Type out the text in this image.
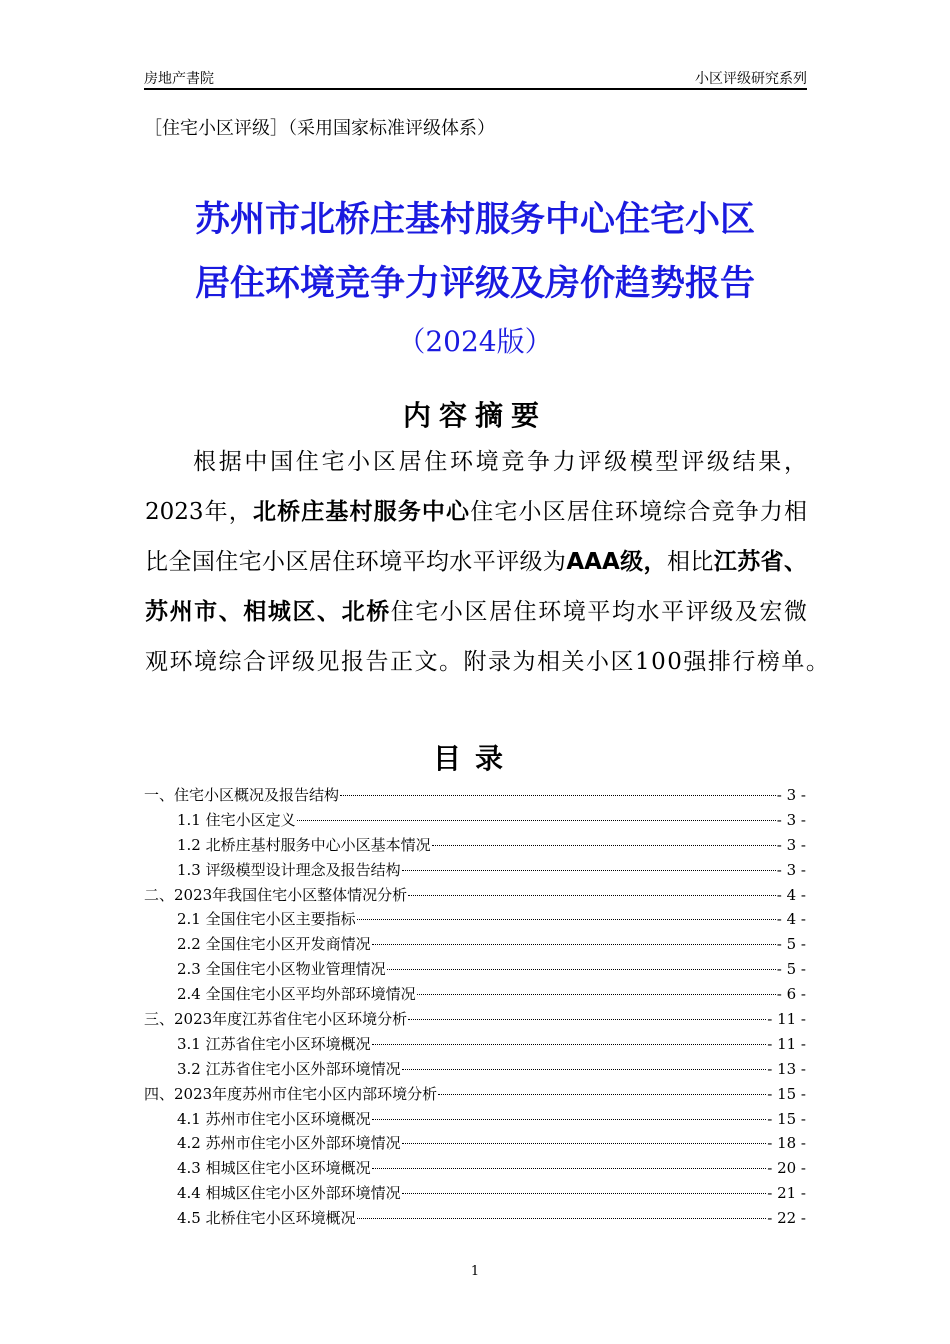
房地产書院	小区评级研究系列
［住宅小区评级］（采用国家标准评级体系）
苏州市北桥庄基村服务中心住宅小区
居住环境竞争力评级及房价趋势报告
（2024版）
内容摘要
根据中国住宅小区居住环境竞争力评级模型评级结果，
2023年，北桥庄基村服务中心住宅小区居住环境综合竞争力相
比全国住宅小区居住环境平均水平评级为AAA级，相比江苏省、
苏州市、相城区、北桥住宅小区居住环境平均水平评级及宏微
观环境综合评级见报告正文。附录为相关小区100强排行榜单。
目录
一、住宅小区概况及报告结构	- 3 -
1.1 住宅小区定义	- 3 -
1.2 北桥庄基村服务中心小区基本情况	- 3 -
1.3 评级模型设计理念及报告结构	- 3 -
二、2023年我国住宅小区整体情况分析	- 4 -
2.1 全国住宅小区主要指标	- 4 -
2.2 全国住宅小区开发商情况	- 5 -
2.3 全国住宅小区物业管理情况	- 5 -
2.4 全国住宅小区平均外部环境情况	- 6 -
三、2023年度江苏省住宅小区环境分析	- 11 -
3.1 江苏省住宅小区环境概况	- 11 -
3.2 江苏省住宅小区外部环境情况	- 13 -
四、2023年度苏州市住宅小区内部环境分析	- 15 -
4.1 苏州市住宅小区环境概况	- 15 -
4.2 苏州市住宅小区外部环境情况	- 18 -
4.3 相城区住宅小区环境概况	- 20 -
4.4 相城区住宅小区外部环境情况	- 21 -
4.5 北桥住宅小区环境概况	- 22 -
1
